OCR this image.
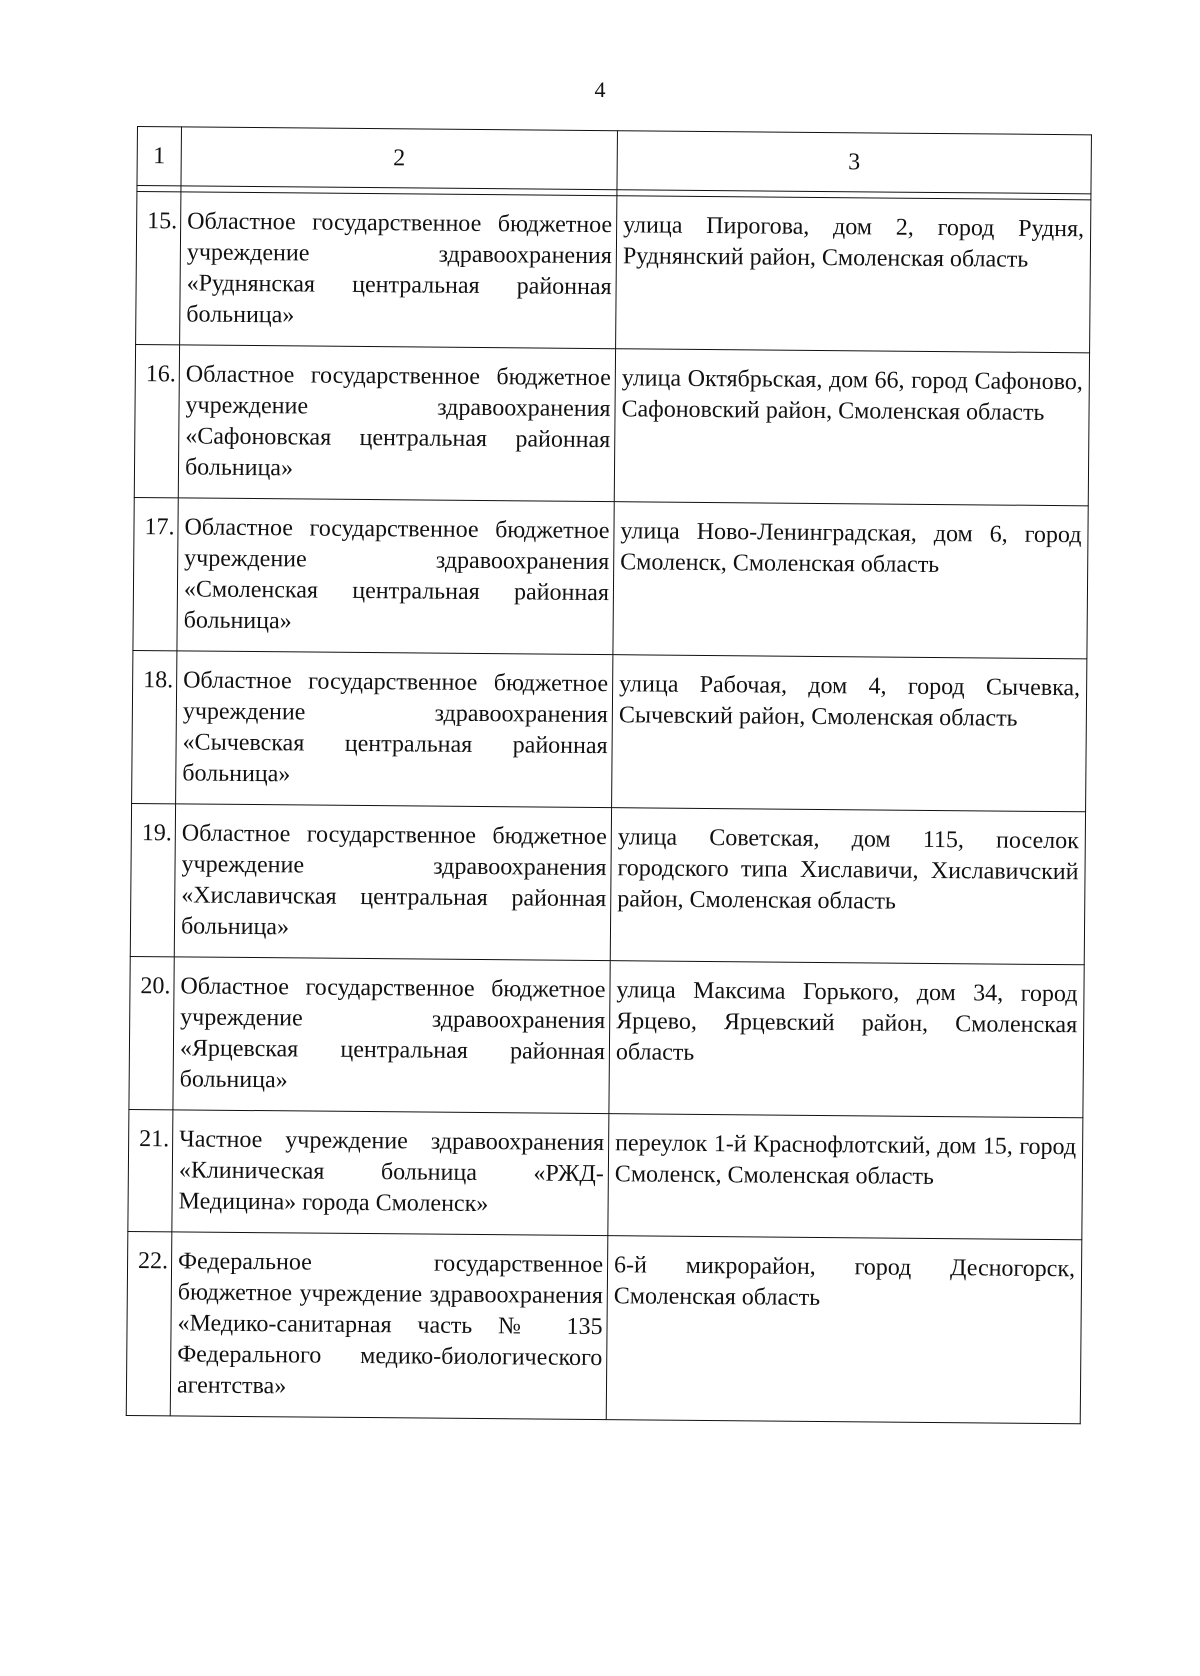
4
1	2	3

15.	Областное государственное бюджетное учреждение здравоохранения «Руднянская центральная районная больница»	улица Пирогова, дом 2, город Рудня, Руднянский район, Смоленская область
16.	Областное государственное бюджетное учреждение здравоохранения «Сафоновская центральная районная больница»	улица Октябрьская, дом 66, город Сафоново, Сафоновский район, Смоленская область
17.	Областное государственное бюджетное учреждение здравоохранения «Смоленская центральная районная больница»	улица Ново-Ленинградская, дом 6, город Смоленск, Смоленская область
18.	Областное государственное бюджетное учреждение здравоохранения «Сычевская центральная районная больница»	улица Рабочая, дом 4, город Сычевка, Сычевский район, Смоленская область
19.	Областное государственное бюджетное учреждение здравоохранения «Хиславичская центральная районная больница»	улица Советская, дом 115, поселок городского типа Хиславичи, Хиславичский район, Смоленская область
20.	Областное государственное бюджетное учреждение здравоохранения «Ярцевская центральная районная больница»	улица Максима Горького, дом 34, город Ярцево, Ярцевский район, Смоленская область
21.	Частное учреждение здравоохранения «Клиническая больница «РЖД-Медицина» города Смоленск»	переулок 1-й Краснофлотский, дом 15, город Смоленск, Смоленская область
22.	Федеральное государственное бюджетное учреждение здравоохранения «Медико-санитарная часть № 135 Федерального медико-биологического агентства»	6-й микрорайон, город Десногорск, Смоленская область
